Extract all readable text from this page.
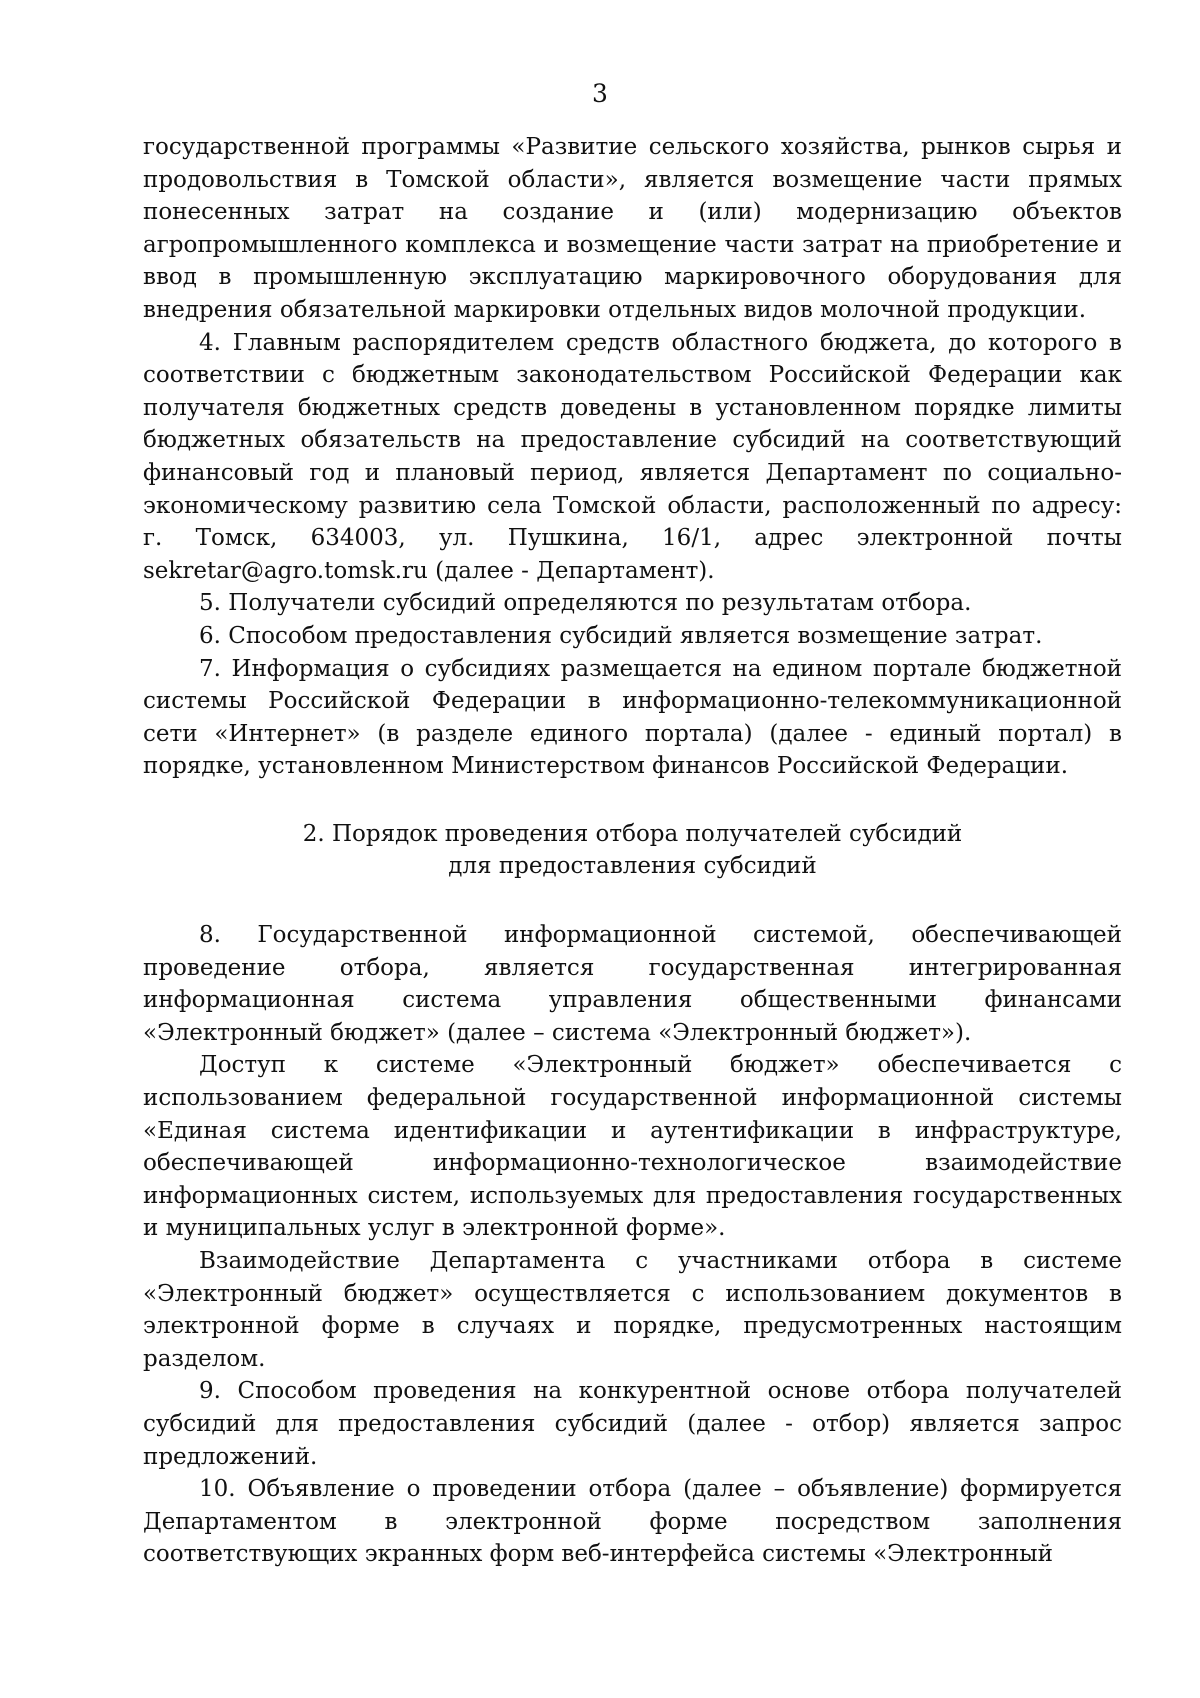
3

государственной программы «Развитие сельского хозяйства, рынков сырья и продовольствия в Томской области», является возмещение части прямых понесенных затрат на создание и (или) модернизацию объектов агропромышленного комплекса и возмещение части затрат на приобретение и ввод в промышленную эксплуатацию маркировочного оборудования для внедрения обязательной маркировки отдельных видов молочной продукции.

4. Главным распорядителем средств областного бюджета, до которого в соответствии с бюджетным законодательством Российской Федерации как получателя бюджетных средств доведены в установленном порядке лимиты бюджетных обязательств на предоставление субсидий на соответствующий финансовый год и плановый период, является Департамент по социально-экономическому развитию села Томской области, расположенный по адресу: г. Томск, 634003, ул. Пушкина, 16/1, адрес электронной почты sekretar@agro.tomsk.ru (далее - Департамент).

5. Получатели субсидий определяются по результатам отбора.

6. Способом предоставления субсидий является возмещение затрат.

7. Информация о субсидиях размещается на едином портале бюджетной системы Российской Федерации в информационно-телекоммуникационной сети «Интернет» (в разделе единого портала) (далее - единый портал) в порядке, установленном Министерством финансов Российской Федерации.

2. Порядок проведения отбора получателей субсидий
для предоставления субсидий

8. Государственной информационной системой, обеспечивающей проведение отбора, является государственная интегрированная информационная система управления общественными финансами «Электронный бюджет» (далее – система «Электронный бюджет»).

Доступ к системе «Электронный бюджет» обеспечивается с использованием федеральной государственной информационной системы «Единая система идентификации и аутентификации в инфраструктуре, обеспечивающей информационно-технологическое взаимодействие информационных систем, используемых для предоставления государственных и муниципальных услуг в электронной форме».

Взаимодействие Департамента с участниками отбора в системе «Электронный бюджет» осуществляется с использованием документов в электронной форме в случаях и порядке, предусмотренных настоящим разделом.

9. Способом проведения на конкурентной основе отбора получателей субсидий для предоставления субсидий (далее - отбор) является запрос предложений.

10. Объявление о проведении отбора (далее – объявление) формируется Департаментом в электронной форме посредством заполнения соответствующих экранных форм веб-интерфейса системы «Электронный
